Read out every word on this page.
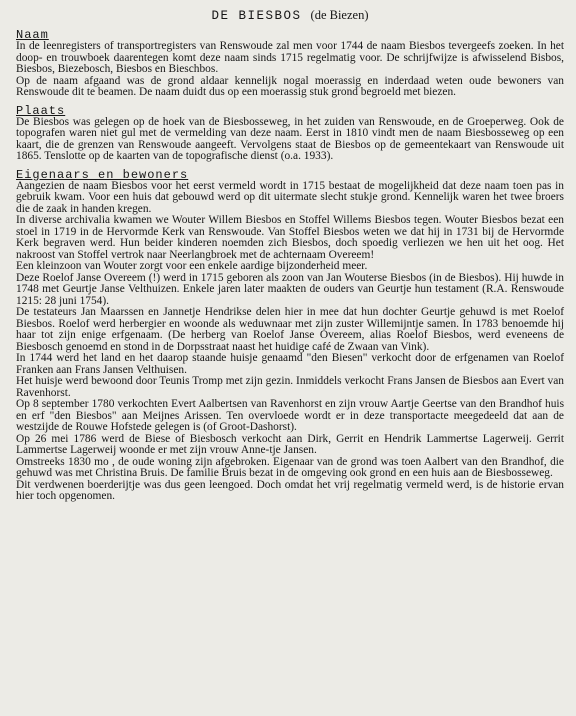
DE BIESBOS (de Biezen)
Naam

In de leenregisters of transportregisters van Renswoude zal men voor 1744 de naam Biesbos tevergeefs zoeken. In het doop- en trouwboek daarentegen komt deze naam sinds 1715 regelmatig voor. De schrijfwijze is afwisselend Bisbos, Biesbos, Biezebosch, Biesbos en Bieschbos.

Op de naam afgaand was de grond aldaar kennelijk nogal moerassig en inderdaad weten oude bewoners van Renswoude dit te beamen. De naam duidt dus op een moerassig stuk grond begroeld met biezen.

Plaats

De Biesbos was gelegen op de hoek van de Biesbosseweg, in het zuiden van Renswoude, en de Groeperweg. Ook de topografen waren niet gul met de vermelding van deze naam. Eerst in 1810 vindt men de naam Biesbosseweg op een kaart, die de grenzen van Renswoude aangeeft. Vervolgens staat de Biesbos op de gemeentekaart van Renswoude uit 1865. Tenslotte op de kaarten van de topografische dienst (o.a. 1933).

Eigenaars en bewoners

Aangezien de naam Biesbos voor het eerst vermeld wordt in 1715 bestaat de mogelijkheid dat deze naam toen pas in gebruik kwam. Voor een huis dat gebouwd werd op dit uitermate slecht stukje grond. Kennelijk waren het twee broers die de zaak in handen kregen.

In diverse archivalia kwamen we Wouter Willem Biesbos en Stoffel Willems Biesbos tegen. Wouter Biesbos bezat een stoel in 1719 in de Hervormde Kerk van Renswoude. Van Stoffel Biesbos weten we dat hij in 1731 bij de Hervormde Kerk begraven werd. Hun beider kinderen noemden zich Biesbos, doch spoedig verliezen we hen uit het oog. Het nakroost van Stoffel vertrok naar Neerlangbroek met de achternaam Overeem!

Een kleinzoon van Wouter zorgt voor een enkele aardige bijzonderheid meer.

Deze Roelof Janse Overeem (!) werd in 1715 geboren als zoon van Jan Wouterse Biesbos (in de Biesbos). Hij huwde in 1748 met Geurtje Janse Velthuizen. Enkele jaren later maakten de ouders van Geurtje hun testament (R.A. Renswoude 1215: 28 juni 1754).

De testateurs Jan Maarssen en Jannetje Hendrikse delen hier in mee dat hun dochter Geurtje gehuwd is met Roelof Biesbos. Roelof werd herbergier en woonde als weduwnaar met zijn zuster Willemijntje samen. In 1783 benoemde hij haar tot zijn enige erfgenaam. (De herberg van Roelof Janse Overeem, alias Roelof Biesbos, werd eveneens de Biesbosch genoemd en stond in de Dorpsstraat naast het huidige café de Zwaan van Vink).

In 1744 werd het land en het daarop staande huisje genaamd "den Biesen" verkocht door de erfgenamen van Roelof Franken aan Frans Jansen Velthuisen.

Het huisje werd bewoond door Teunis Tromp met zijn gezin. Inmiddels verkocht Frans Jansen de Biesbos aan Evert van Ravenhorst.

Op 8 september 1780 verkochten Evert Aalbertsen van Ravenhorst en zijn vrouw Aartje Geertse van den Brandhof huis en erf "den Biesbos" aan Meijnes Arissen. Ten overvloede wordt er in deze transportacte meegedeeld dat aan de westzijde de Rouwe Hofstede gelegen is (of Groot-Dashorst).

Op 26 mei 1786 werd de Biese of Biesbosch verkocht aan Dirk, Gerrit en Hendrik Lammertse Lagerweij. Gerrit Lammertse Lagerweij woonde er met zijn vrouw Anne-tje Jansen.

Omstreeks 1830 mo , de oude woning zijn afgebroken. Eigenaar van de grond was toen Aalbert van den Brandhof, die gehuwd was met Christina Bruis. De familie Bruis bezat in de omgeving ook grond en een huis aan de Biesbosseweg.

Dit verdwenen boerderijtje was dus geen leengoed. Doch omdat het vrij regelmatig vermeld werd, is de historie ervan hier toch opgenomen.
